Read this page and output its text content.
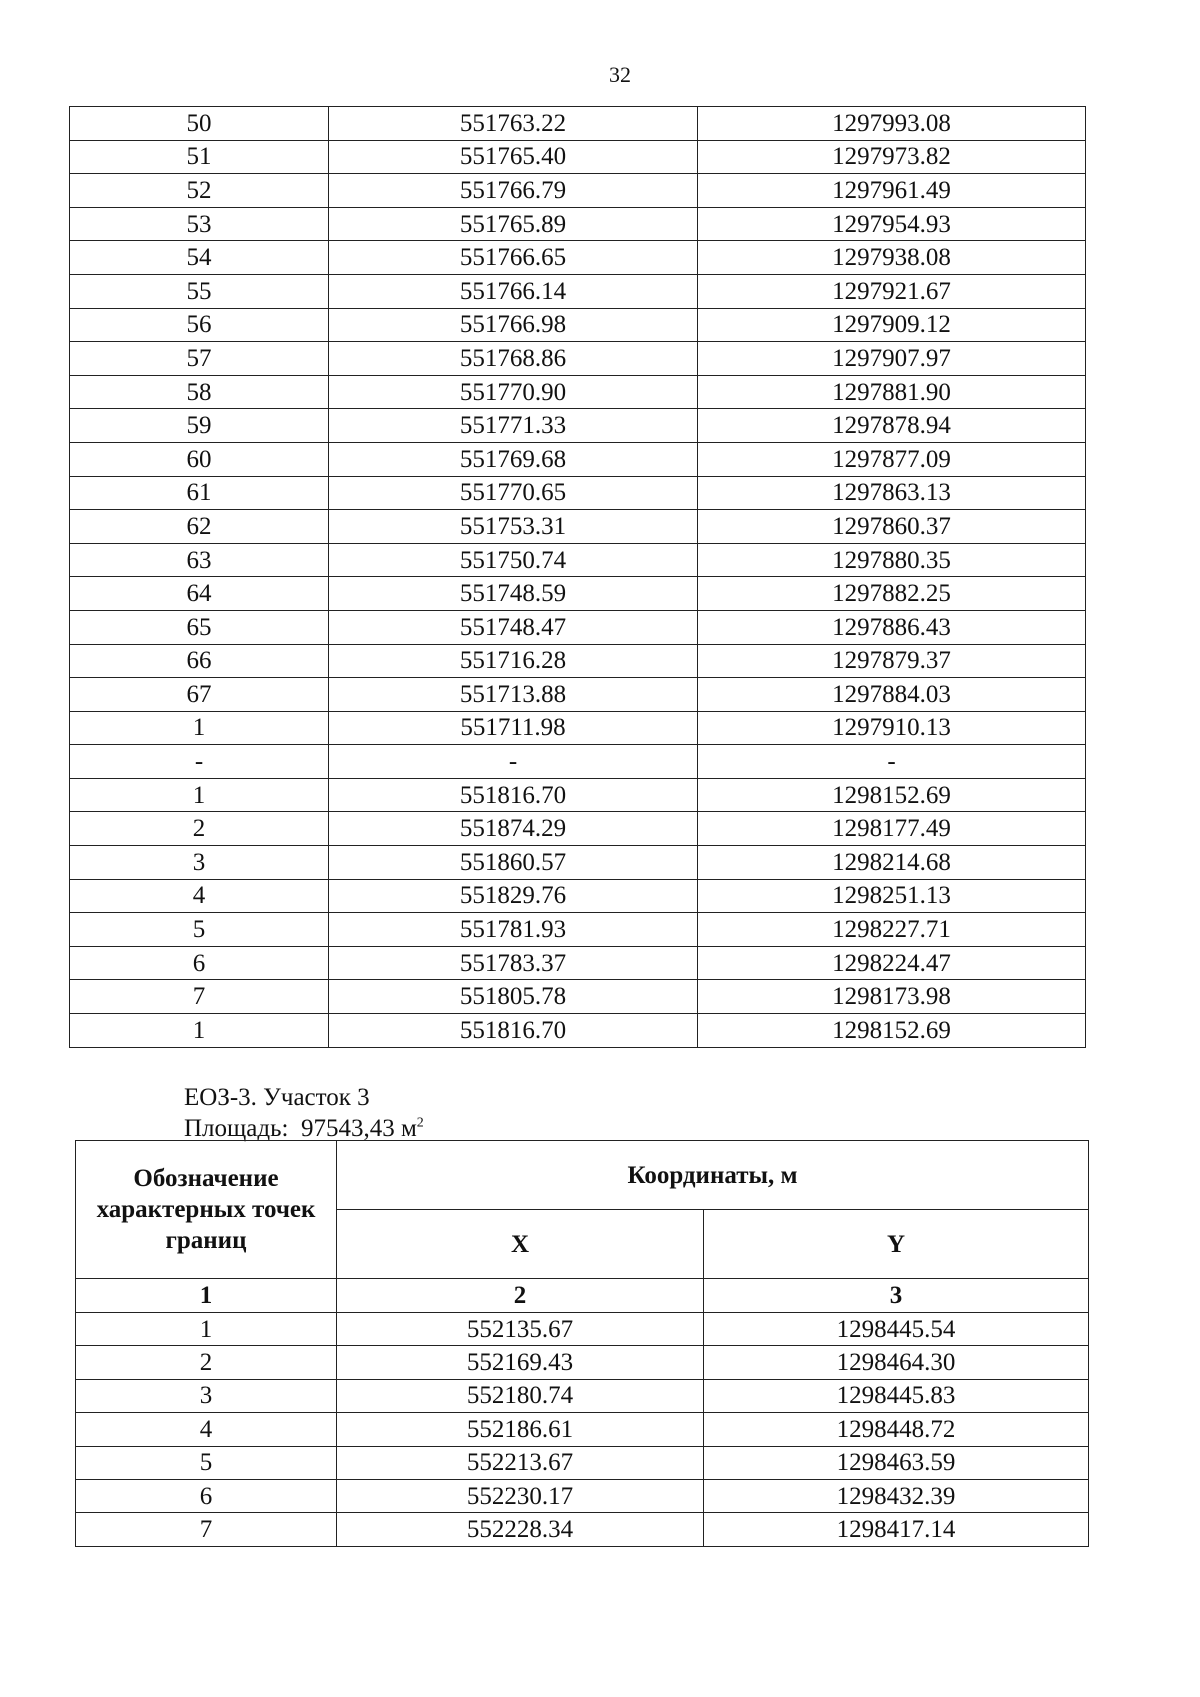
32
50	551763.22	1297993.08
51	551765.40	1297973.82
52	551766.79	1297961.49
53	551765.89	1297954.93
54	551766.65	1297938.08
55	551766.14	1297921.67
56	551766.98	1297909.12
57	551768.86	1297907.97
58	551770.90	1297881.90
59	551771.33	1297878.94
60	551769.68	1297877.09
61	551770.65	1297863.13
62	551753.31	1297860.37
63	551750.74	1297880.35
64	551748.59	1297882.25
65	551748.47	1297886.43
66	551716.28	1297879.37
67	551713.88	1297884.03
1	551711.98	1297910.13
-	-	-
1	551816.70	1298152.69
2	551874.29	1298177.49
3	551860.57	1298214.68
4	551829.76	1298251.13
5	551781.93	1298227.71
6	551783.37	1298224.47
7	551805.78	1298173.98
1	551816.70	1298152.69
ЕОЗ-3. Участок 3
Площадь: 97543,43 $м^2$
Обозначение характерных точек границ	Координаты, м	
	X	Y
1	2	3
1	552135.67	1298445.54
2	552169.43	1298464.30
3	552180.74	1298445.83
4	552186.61	1298448.72
5	552213.67	1298463.59
6	552230.17	1298432.39
7	552228.34	1298417.14
